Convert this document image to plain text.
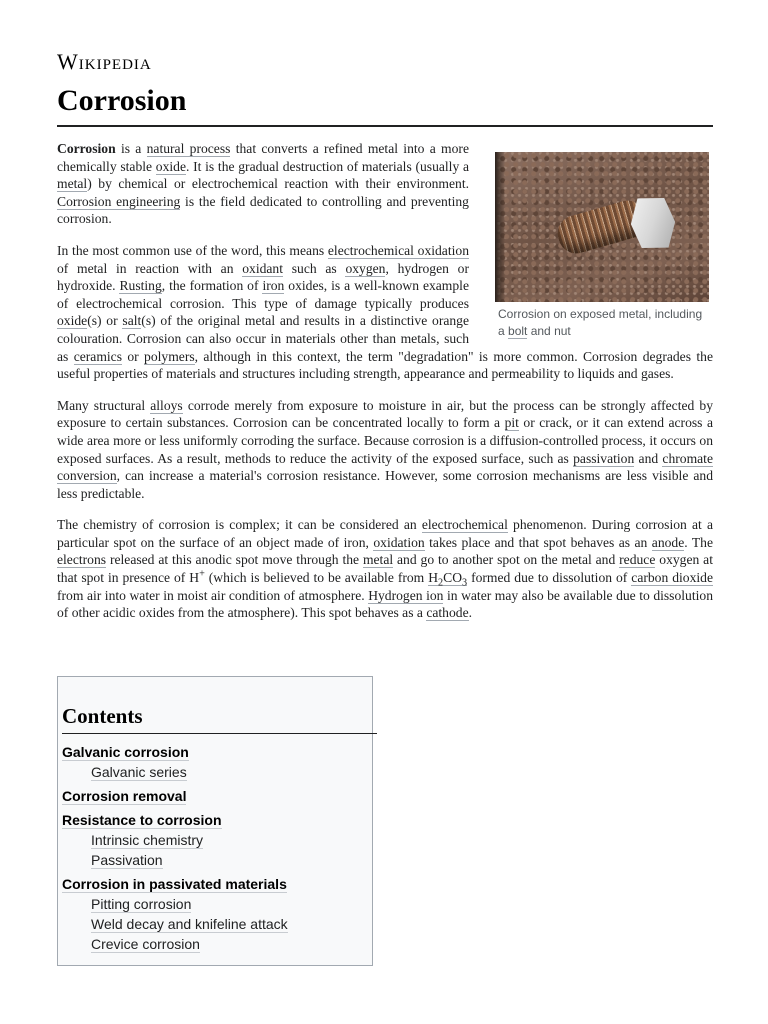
Wikipedia
Corrosion
Corrosion on exposed metal, including a bolt and nut

Corrosion is a natural process that converts a refined metal into a more chemically stable oxide. It is the gradual destruction of materials (usually a metal) by chemical or electrochemical reaction with their environment. Corrosion engineering is the field dedicated to controlling and preventing corrosion.

In the most common use of the word, this means electrochemical oxidation of metal in reaction with an oxidant such as oxygen, hydrogen or hydroxide. Rusting, the formation of iron oxides, is a well-known example of electrochemical corrosion. This type of damage typically produces oxide(s) or salt(s) of the original metal and results in a distinctive orange colouration. Corrosion can also occur in materials other than metals, such as ceramics or polymers, although in this context, the term "degradation" is more common. Corrosion degrades the useful properties of materials and structures including strength, appearance and permeability to liquids and gases.

Many structural alloys corrode merely from exposure to moisture in air, but the process can be strongly affected by exposure to certain substances. Corrosion can be concentrated locally to form a pit or crack, or it can extend across a wide area more or less uniformly corroding the surface. Because corrosion is a diffusion-controlled process, it occurs on exposed surfaces. As a result, methods to reduce the activity of the exposed surface, such as passivation and chromate conversion, can increase a material's corrosion resistance. However, some corrosion mechanisms are less visible and less predictable.

The chemistry of corrosion is complex; it can be considered an electrochemical phenomenon. During corrosion at a particular spot on the surface of an object made of iron, oxidation takes place and that spot behaves as an anode. The electrons released at this anodic spot move through the metal and go to another spot on the metal and reduce oxygen at that spot in presence of H+ (which is believed to be available from $H_2CO_3$ formed due to dissolution of carbon dioxide from air into water in moist air condition of atmosphere. Hydrogen ion in water may also be available due to dissolution of other acidic oxides from the atmosphere). This spot behaves as a cathode.

Contents
Galvanic corrosion
Galvanic series
Corrosion removal
Resistance to corrosion
Intrinsic chemistry
Passivation
Corrosion in passivated materials
Pitting corrosion
Weld decay and knifeline attack
Crevice corrosion
